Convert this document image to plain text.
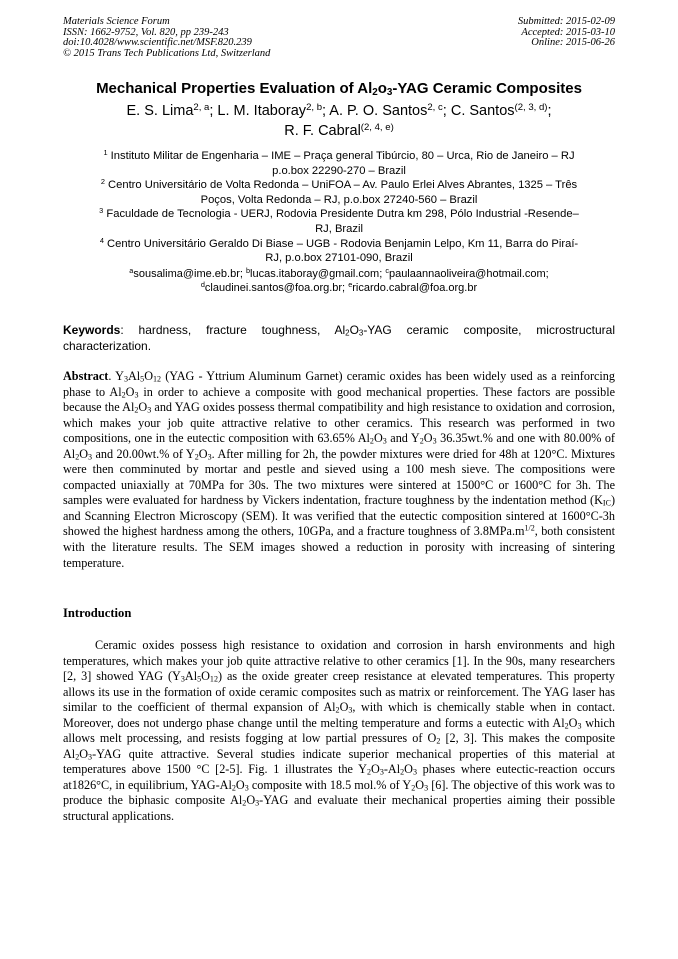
Materials Science Forum
ISSN: 1662-9752, Vol. 820, pp 239-243
doi:10.4028/www.scientific.net/MSF.820.239
© 2015 Trans Tech Publications Ltd, Switzerland
Submitted: 2015-02-09
Accepted: 2015-03-10
Online: 2015-06-26
Mechanical Properties Evaluation of $Al_2o_3$-YAG Ceramic Composites
E. S. Lima$^{2, a}$; L. M. Itaboray$^{2, b}$; A. P. O. Santos$^{2, c}$; C. Santos$^{(2, 3, d)}$;
R. F. Cabral$^{(2, 4, e)}$
$^1$ Instituto Militar de Engenharia – IME – Praça general Tibúrcio, 80 – Urca, Rio de Janeiro – RJ
p.o.box 22290-270 – Brazil
$^2$ Centro Universitário de Volta Redonda – UniFOA – Av. Paulo Erlei Alves Abrantes, 1325 – Três
Poços, Volta Redonda – RJ, p.o.box 27240-560 – Brazil
$^3$ Faculdade de Tecnologia - UERJ, Rodovia Presidente Dutra km 298, Pólo Industrial -Resende–
RJ, Brazil
$^4$ Centro Universitário Geraldo Di Biase – UGB - Rodovia Benjamin Lelpo, Km 11, Barra do Piraí-
RJ, p.o.box 27101-090, Brazil
$^a$sousalima@ime.eb.br; $^b$lucas.itaboray@gmail.com; $^c$paulaannaoliveira@hotmail.com;
$^d$claudinei.santos@foa.org.br; $^e$ricardo.cabral@foa.org.br
Keywords: hardness, fracture toughness, $Al_2O_3$-YAG ceramic composite, microstructural characterization.
Abstract. $Y_3Al_5O_{12}$ (YAG - Yttrium Aluminum Garnet) ceramic oxides has been widely used as a reinforcing phase to $Al_2O_3$ in order to achieve a composite with good mechanical properties. These factors are possible because the $Al_2O_3$ and YAG oxides possess thermal compatibility and high resistance to oxidation and corrosion, which makes your job quite attractive relative to other ceramics. This research was performed in two compositions, one in the eutectic composition with 63.65% $Al_2O_3$ and $Y_2O_3$ 36.35wt.% and one with 80.00% of $Al_2O_3$ and 20.00wt.% of $Y_2O_3$. After milling for 2h, the powder mixtures were dried for 48h at 120°C. Mixtures were then comminuted by mortar and pestle and sieved using a 100 mesh sieve. The compositions were compacted uniaxially at 70MPa for 30s. The two mixtures were sintered at 1500°C or 1600°C for 3h. The samples were evaluated for hardness by Vickers indentation, fracture toughness by the indentation method $(K_{IC})$ and Scanning Electron Microscopy (SEM). It was verified that the eutectic composition sintered at 1600°C-3h showed the highest hardness among the others, 10GPa, and a fracture toughness of $3.8MPa.m^{1/2}$, both consistent with the literature results. The SEM images showed a reduction in porosity with increasing of sintering temperature.
Introduction
Ceramic oxides possess high resistance to oxidation and corrosion in harsh environments and high temperatures, which makes your job quite attractive relative to other ceramics [1]. In the 90s, many researchers [2, 3] showed YAG $(Y_3Al_5O_{12})$ as the oxide greater creep resistance at elevated temperatures. This property allows its use in the formation of oxide ceramic composites such as matrix or reinforcement. The YAG laser has similar to the coefficient of thermal expansion of $Al_2O_3$, with which is chemically stable when in contact. Moreover, does not undergo phase change until the melting temperature and forms a eutectic with $Al_2O_3$ which allows melt processing, and resists fogging at low partial pressures of $O_2$ [2, 3]. This makes the composite $Al_2O_3$-YAG quite attractive. Several studies indicate superior mechanical properties of this material at temperatures above 1500 °C [2-5]. Fig. 1 illustrates the $Y_2O_3-Al_2O_3$ phases where eutectic-reaction occurs at1826°C, in equilibrium, YAG-$Al_2O_3$ composite with 18.5 mol.% of $Y_2O_3$ [6]. The objective of this work was to produce the biphasic composite $Al_2O_3$-YAG and evaluate their mechanical properties aiming their possible structural applications.
